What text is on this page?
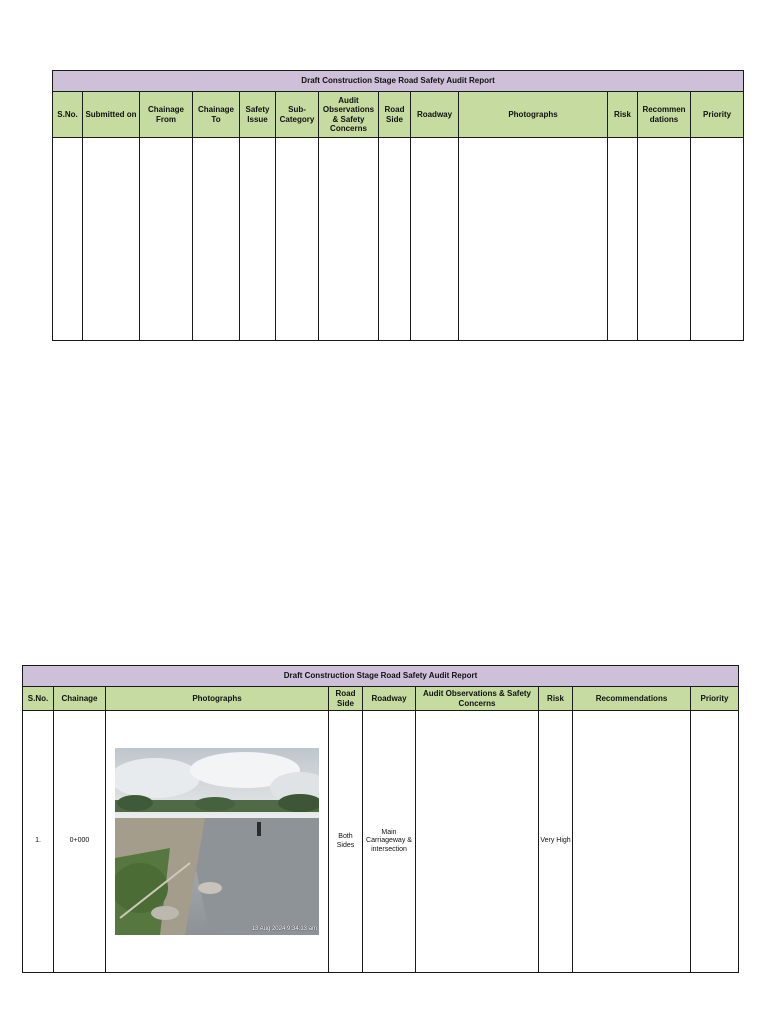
Draft Construction Stage Road Safety Audit Report												
S.No.	Submitted on	Chainage From	Chainage To	Safety Issue	Sub-Category	Audit Observations & Safety Concerns	Road Side	Roadway	Photographs	Risk	Recommen dations	Priority

Draft Construction Stage Road Safety Audit Report								
S.No.	Chainage	Photographs	Road Side	Roadway	Audit Observations & Safety Concerns	Risk	Recommendations	Priority
1.	0+000	13 Aug 2024 9:34:13 am	Both Sides	Main Carriageway & intersection		Very High		
